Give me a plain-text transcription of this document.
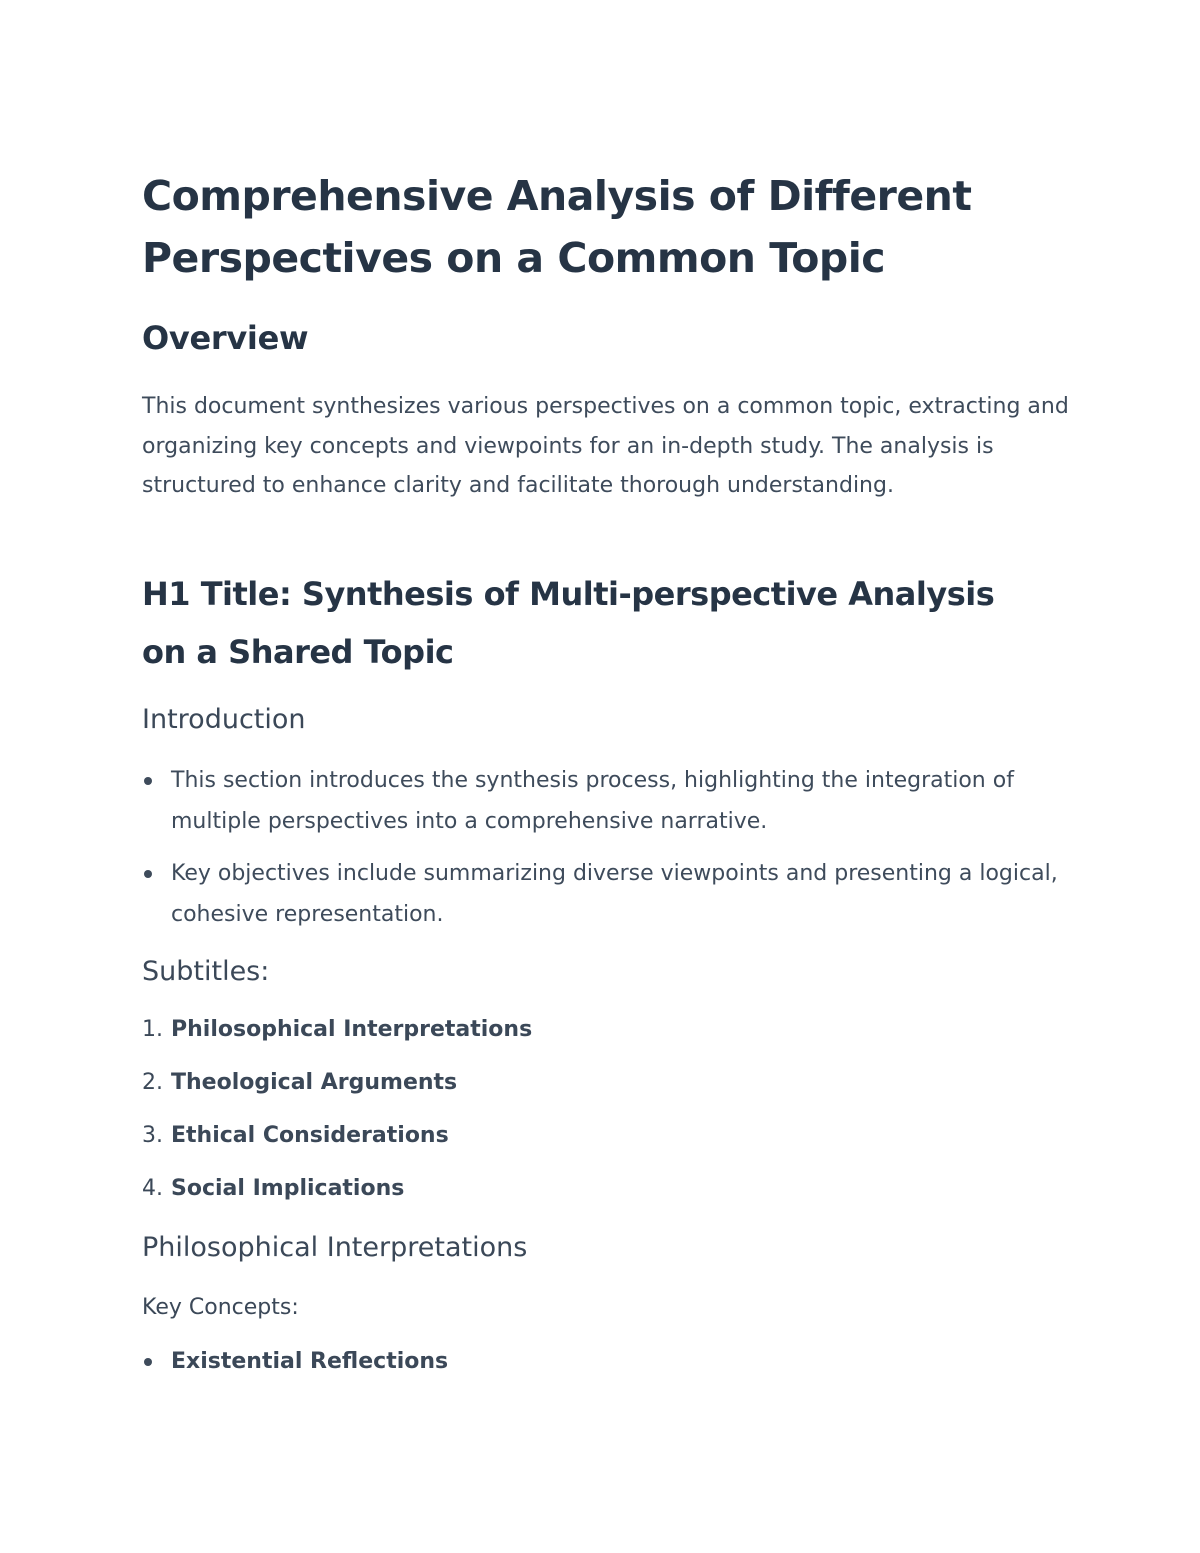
Comprehensive Analysis of Different
Perspectives on a Common Topic
Overview

This document synthesizes various perspectives on a common topic, extracting and organizing key concepts and viewpoints for an in-depth study. The analysis is structured to enhance clarity and facilitate thorough understanding.

H1 Title: Synthesis of Multi-perspective Analysis
on a Shared Topic
Introduction
This section introduces the synthesis process, highlighting the integration of multiple perspectives into a comprehensive narrative.
Key objectives include summarizing diverse viewpoints and presenting a logical, cohesive representation.
Subtitles:
1. Philosophical Interpretations
2. Theological Arguments
3. Ethical Considerations
4. Social Implications
Philosophical Interpretations
Key Concepts:
Existential Reflections
